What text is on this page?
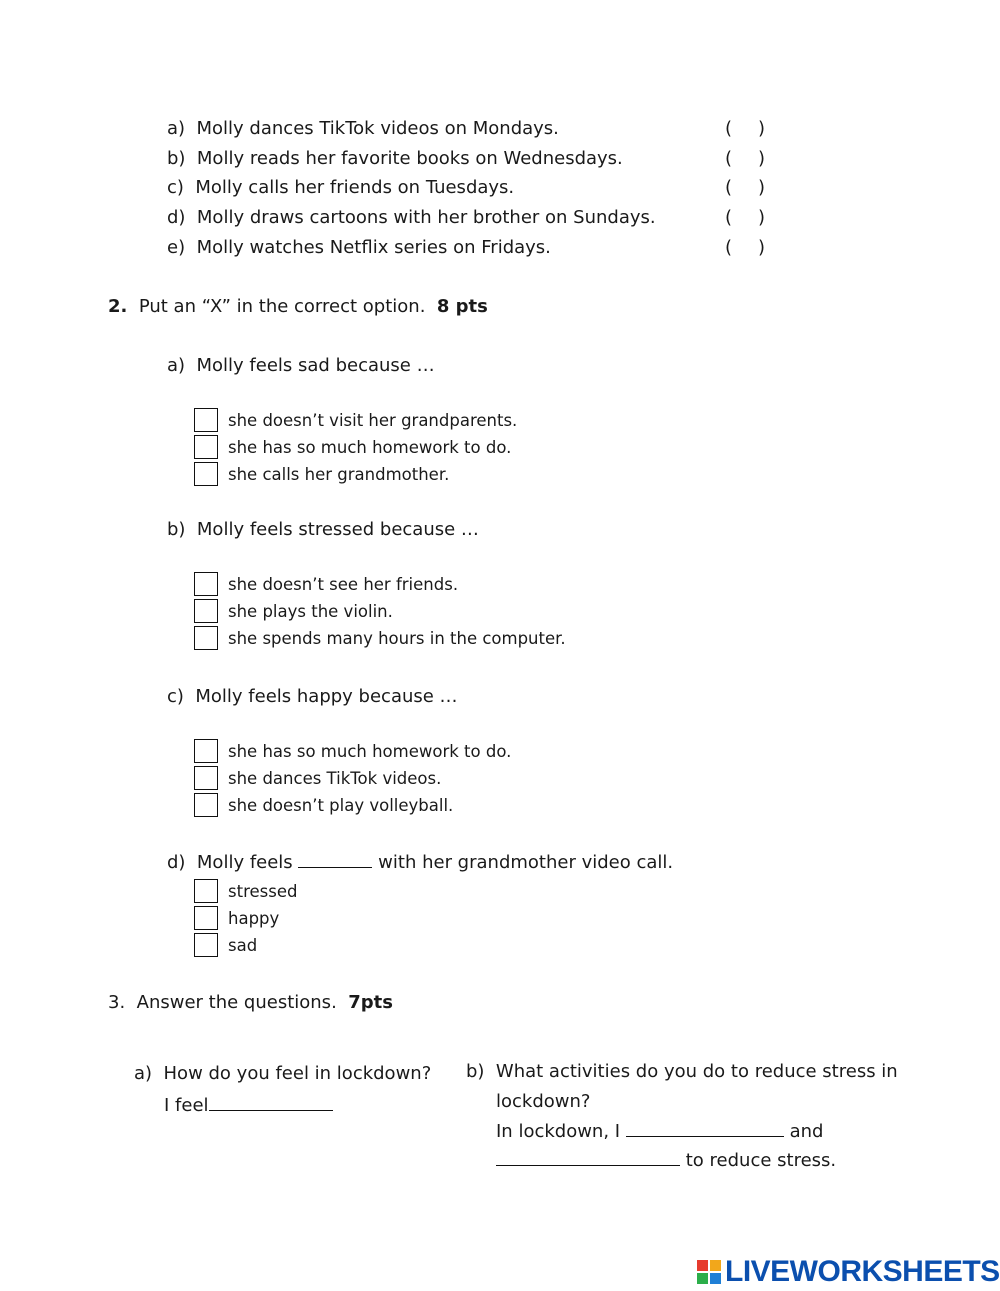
a) Molly dances TikTok videos on Mondays.	( )
b) Molly reads her favorite books on Wednesdays.	( )
c) Molly calls her friends on Tuesdays.	( )
d) Molly draws cartoons with her brother on Sundays.	( )
e) Molly watches Netflix series on Fridays.	( )
2. Put an “X” in the correct option. 8 pts
a) Molly feels sad because …
she doesn’t visit her grandparents.
she has so much homework to do.
she calls her grandmother.
b) Molly feels stressed because …
she doesn’t see her friends.
she plays the violin.
she spends many hours in the computer.
c) Molly feels happy because …
she has so much homework to do.
she dances TikTok videos.
she doesn’t play volleyball.
d) Molly feels	with her grandmother video call.
stressed
happy
sad
3. Answer the questions. 7pts
a) How do you feel in lockdown?
I feel
b) What activities do you do to reduce stress in
lockdown?
In lockdown, I	and
to reduce stress.
LIVEWORKSHEETS
